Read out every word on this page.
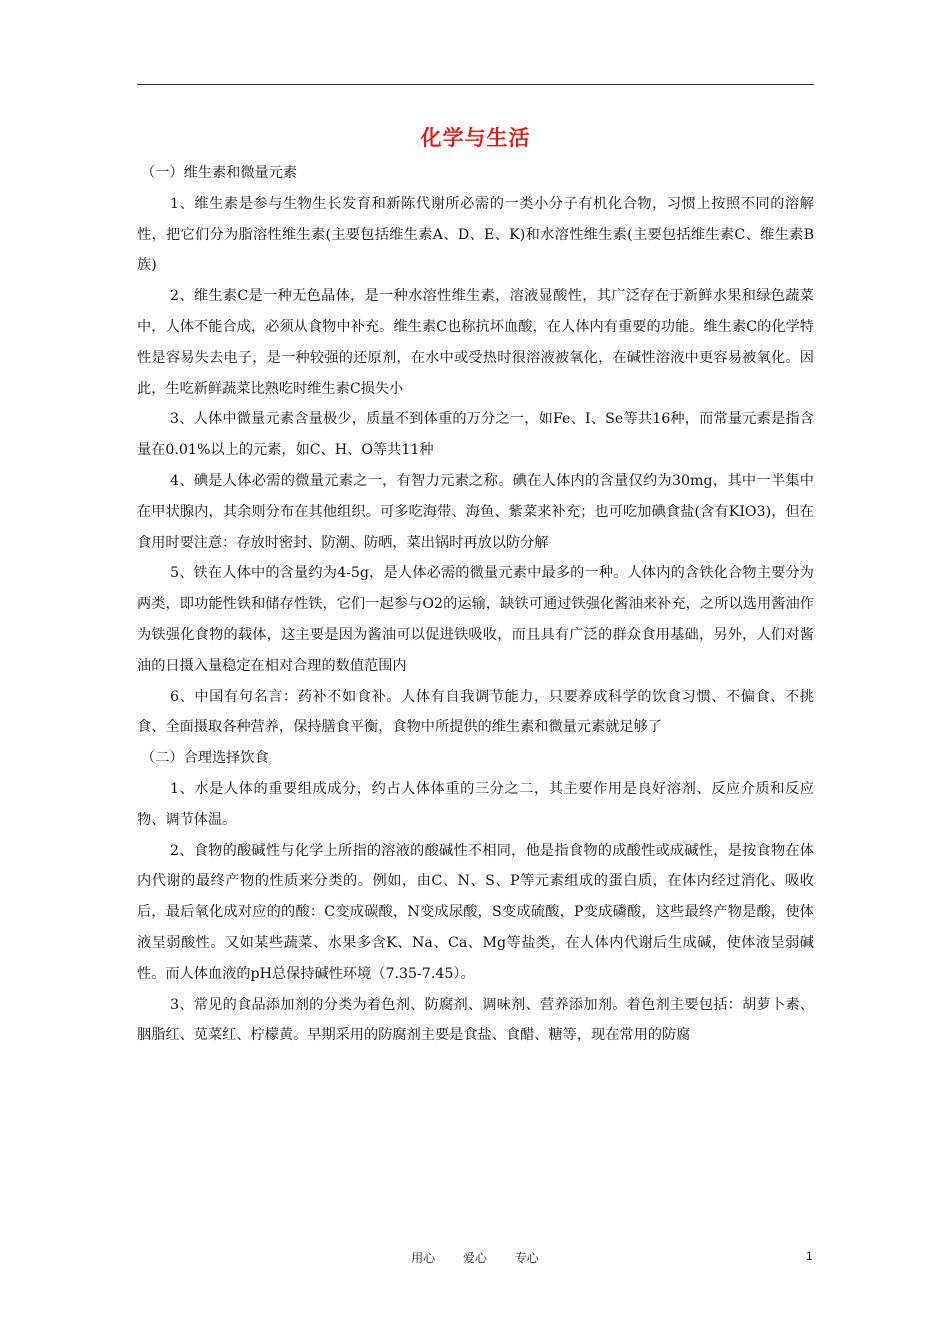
化学与生活

（一）维生素和微量元素

1、维生素是参与生物生长发育和新陈代谢所必需的一类小分子有机化合物，习惯上按照不同的溶解性，把它们分为脂溶性维生素(主要包括维生素A、D、E、K)和水溶性维生素(主要包括维生素C、维生素B族)

2、维生素C是一种无色晶体，是一种水溶性维生素，溶液显酸性，其广泛存在于新鲜水果和绿色蔬菜中，人体不能合成，必须从食物中补充。维生素C也称抗坏血酸，在人体内有重要的功能。维生素C的化学特性是容易失去电子，是一种较强的还原剂，在水中或受热时很溶液被氧化，在碱性溶液中更容易被氧化。因此，生吃新鲜蔬菜比熟吃时维生素C损失小

3、人体中微量元素含量极少，质量不到体重的万分之一，如Fe、I、Se等共16种，而常量元素是指含量在0.01%以上的元素，如C、H、O等共11种

4、碘是人体必需的微量元素之一，有智力元素之称。碘在人体内的含量仅约为30mg，其中一半集中在甲状腺内，其余则分布在其他组织。可多吃海带、海鱼、紫菜来补充；也可吃加碘食盐(含有KIO3)，但在食用时要注意：存放时密封、防潮、防晒，菜出锅时再放以防分解

5、铁在人体中的含量约为4-5g，是人体必需的微量元素中最多的一种。人体内的含铁化合物主要分为两类，即功能性铁和储存性铁，它们一起参与O2的运输，缺铁可通过铁强化酱油来补充，之所以选用酱油作为铁强化食物的载体，这主要是因为酱油可以促进铁吸收，而且具有广泛的群众食用基础，另外，人们对酱油的日摄入量稳定在相对合理的数值范围内

6、中国有句名言：药补不如食补。人体有自我调节能力，只要养成科学的饮食习惯、不偏食、不挑食、全面摄取各种营养，保持膳食平衡，食物中所提供的维生素和微量元素就足够了

（二）合理选择饮食

1、水是人体的重要组成成分，约占人体体重的三分之二，其主要作用是良好溶剂、反应介质和反应物、调节体温。

2、食物的酸碱性与化学上所指的溶液的酸碱性不相同，他是指食物的成酸性或成碱性，是按食物在体内代谢的最终产物的性质来分类的。例如，由C、N、S、P等元素组成的蛋白质，在体内经过消化、吸收后，最后氧化成对应的的酸：C变成碳酸，N变成尿酸，S变成硫酸，P变成磷酸，这些最终产物是酸，使体液呈弱酸性。又如某些蔬菜、水果多含K、Na、Ca、Mg等盐类，在人体内代谢后生成碱，使体液呈弱碱性。而人体血液的pH总保持碱性环境（7.35-7.45）。

3、常见的食品添加剂的分类为着色剂、防腐剂、调味剂、营养添加剂。着色剂主要包括：胡萝卜素、胭脂红、苋菜红、柠檬黄。早期采用的防腐剂主要是食盐、食醋、糖等，现在常用的防腐

用心 爱心 专心	1
